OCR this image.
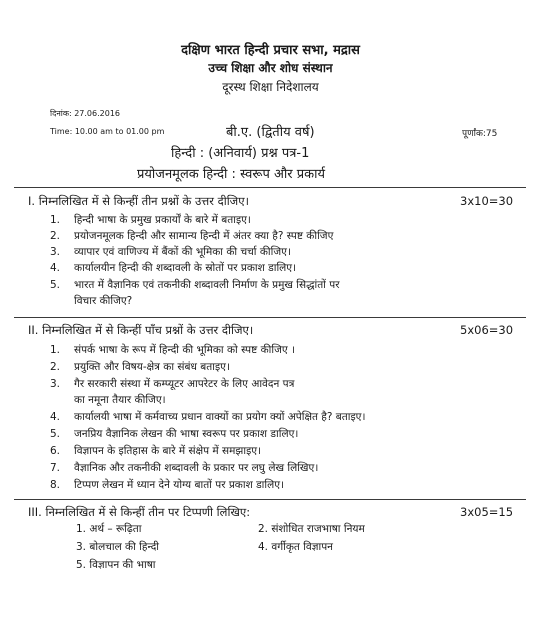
दक्षिण भारत हिन्दी प्रचार सभा, मद्रास
उच्च शिक्षा और शोध संस्थान
दूरस्थ शिक्षा निदेशालय
दिनांक: 27.06.2016
Time: 10.00 am to 01.00 pm	बी.ए. (द्वितीय वर्ष)	पूर्णांक:75
हिन्दी : (अनिवार्य) प्रश्न पत्र-1
प्रयोजनमूलक हिन्दी : स्वरूप और प्रकार्य
I. निम्नलिखित में से किन्हीं तीन प्रश्नों के उत्तर दीजिए।	3x10=30
1. हिन्दी भाषा के प्रमुख प्रकार्यों के बारे में बताइए।
2. प्रयोजनमूलक हिन्दी और सामान्य हिन्दी में अंतर क्या है? स्पष्ट कीजिए
3. व्यापार एवं वाणिज्य में बैंकों की भूमिका की चर्चा कीजिए।
4. कार्यालयीन हिन्दी की शब्दावली के स्रोतों पर प्रकाश डालिए।
5. भारत में वैज्ञानिक एवं तकनीकी शब्दावली निर्माण के प्रमुख सिद्धांतों पर
विचार कीजिए?
II. निम्नलिखित में से किन्हीं पाँच प्रश्नों के उत्तर दीजिए।	5x06=30
1. संपर्क भाषा के रूप में हिन्दी की भूमिका को स्पष्ट कीजिए ।
2. प्रयुक्ति और विषय-क्षेत्र का संबंध बताइए।
3. गैर सरकारी संस्था में कम्प्यूटर आपरेटर के लिए आवेदन पत्र
का नमूना तैयार कीजिए।
4. कार्यालयी भाषा में कर्मवाच्य प्रधान वाक्यों का प्रयोग क्यों अपेक्षित है? बताइए।
5. जनप्रिय वैज्ञानिक लेखन की भाषा स्वरूप पर प्रकाश डालिए।
6. विज्ञापन के इतिहास के बारे में संक्षेप में समझाइए।
7. वैज्ञानिक और तकनीकी शब्दावली के प्रकार पर लघु लेख लिखिए।
8. टिप्पण लेखन में ध्यान देने योग्य बातों पर प्रकाश डालिए।
III. निम्नलिखित में से किन्हीं तीन पर टिप्पणी लिखिए:	3x05=15
1. अर्थ – रूढ़िता	2. संशोधित राजभाषा नियम
3. बोलचाल की हिन्दी	4. वर्गीकृत विज्ञापन
5. विज्ञापन की भाषा
